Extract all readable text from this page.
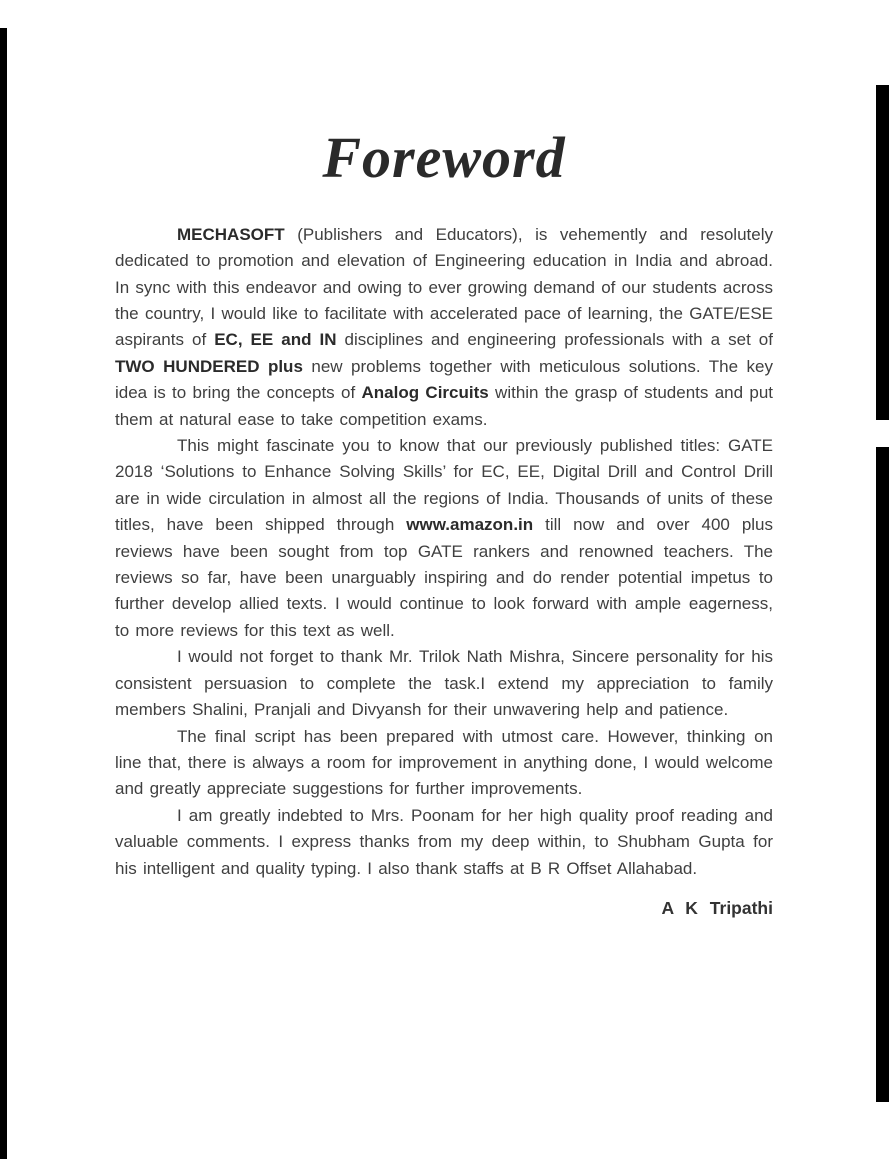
Foreword

MECHASOFT (Publishers and Educators), is vehemently and resolutely dedicated to promotion and elevation of Engineering education in India and abroad. In sync with this endeavor and owing to ever growing demand of our students across the country, I would like to facilitate with accelerated pace of learning, the GATE/ESE aspirants of EC, EE and IN disciplines and engineering professionals with a set of TWO HUNDERED plus new problems together with meticulous solutions. The key idea is to bring the concepts of Analog Circuits within the grasp of students and put them at natural ease to take competition exams.

This might fascinate you to know that our previously published titles: GATE 2018 ‘Solutions to Enhance Solving Skills’ for EC, EE, Digital Drill and Control Drill are in wide circulation in almost all the regions of India. Thousands of units of these titles, have been shipped through www.amazon.in till now and over 400 plus reviews have been sought from top GATE rankers and renowned teachers. The reviews so far, have been unarguably inspiring and do render potential impetus to further develop allied texts. I would continue to look forward with ample eagerness, to more reviews for this text as well.

I would not forget to thank Mr. Trilok Nath Mishra, Sincere personality for his consistent persuasion to complete the task.I extend my appreciation to family members Shalini, Pranjali and Divyansh for their unwavering help and patience.

The final script has been prepared with utmost care. However, thinking on line that, there is always a room for improvement in anything done, I would welcome and greatly appreciate suggestions for further improvements.

I am greatly indebted to Mrs. Poonam for her high quality proof reading and valuable comments. I express thanks from my deep within, to Shubham Gupta for his intelligent and quality typing. I also thank staffs at B R Offset Allahabad.

A K Tripathi
